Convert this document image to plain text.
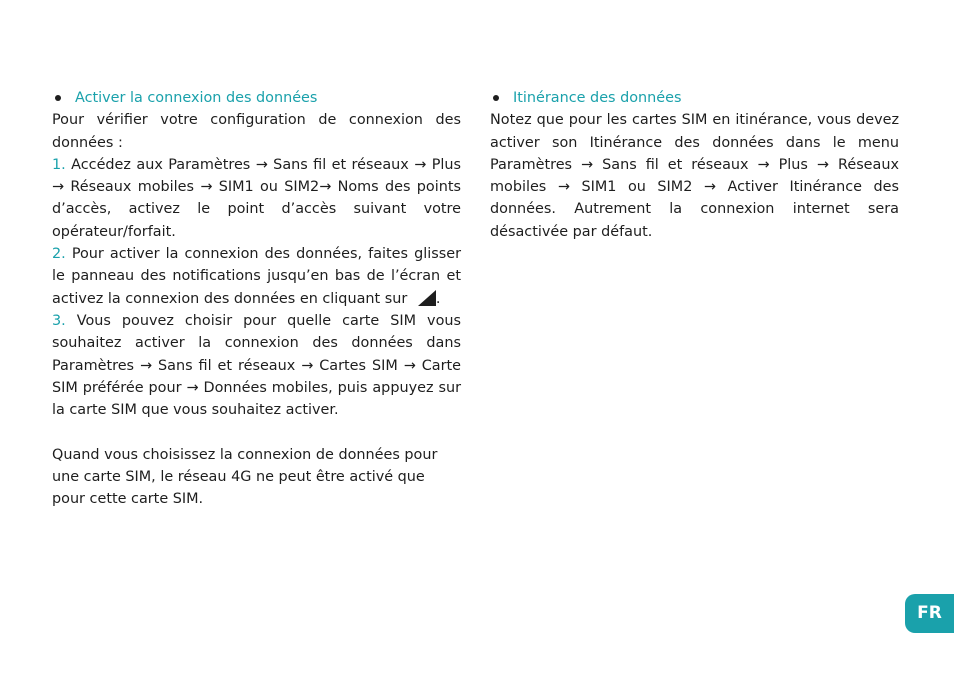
Activer la connexion des données

Pour vérifier votre configuration de connexion des données :

1. Accédez aux Paramètres → Sans fil et réseaux → Plus → Réseaux mobiles → SIM1 ou SIM2→ Noms des points d’accès, activez le point d’accès suivant votre opérateur/forfait.

2. Pour activer la connexion des données, faites glisser le panneau des notifications jusqu’en bas de l’écran et activez la connexion des données en cliquant sur .

3. Vous pouvez choisir pour quelle carte SIM vous souhaitez activer la connexion des données dans Paramètres → Sans fil et réseaux → Cartes SIM → Carte SIM préférée pour → Données mobiles, puis appuyez sur la carte SIM que vous souhaitez activer.

Quand vous choisissez la connexion de données pour une carte SIM, le réseau 4G ne peut être activé que pour cette carte SIM.

Itinérance des données

Notez que pour les cartes SIM en itinérance, vous devez activer son Itinérance des données dans le menu Paramètres → Sans fil et réseaux → Plus → Réseaux mobiles → SIM1 ou SIM2 → Activer Itinérance des données. Autrement la connexion internet sera désactivée par défaut.

FR
